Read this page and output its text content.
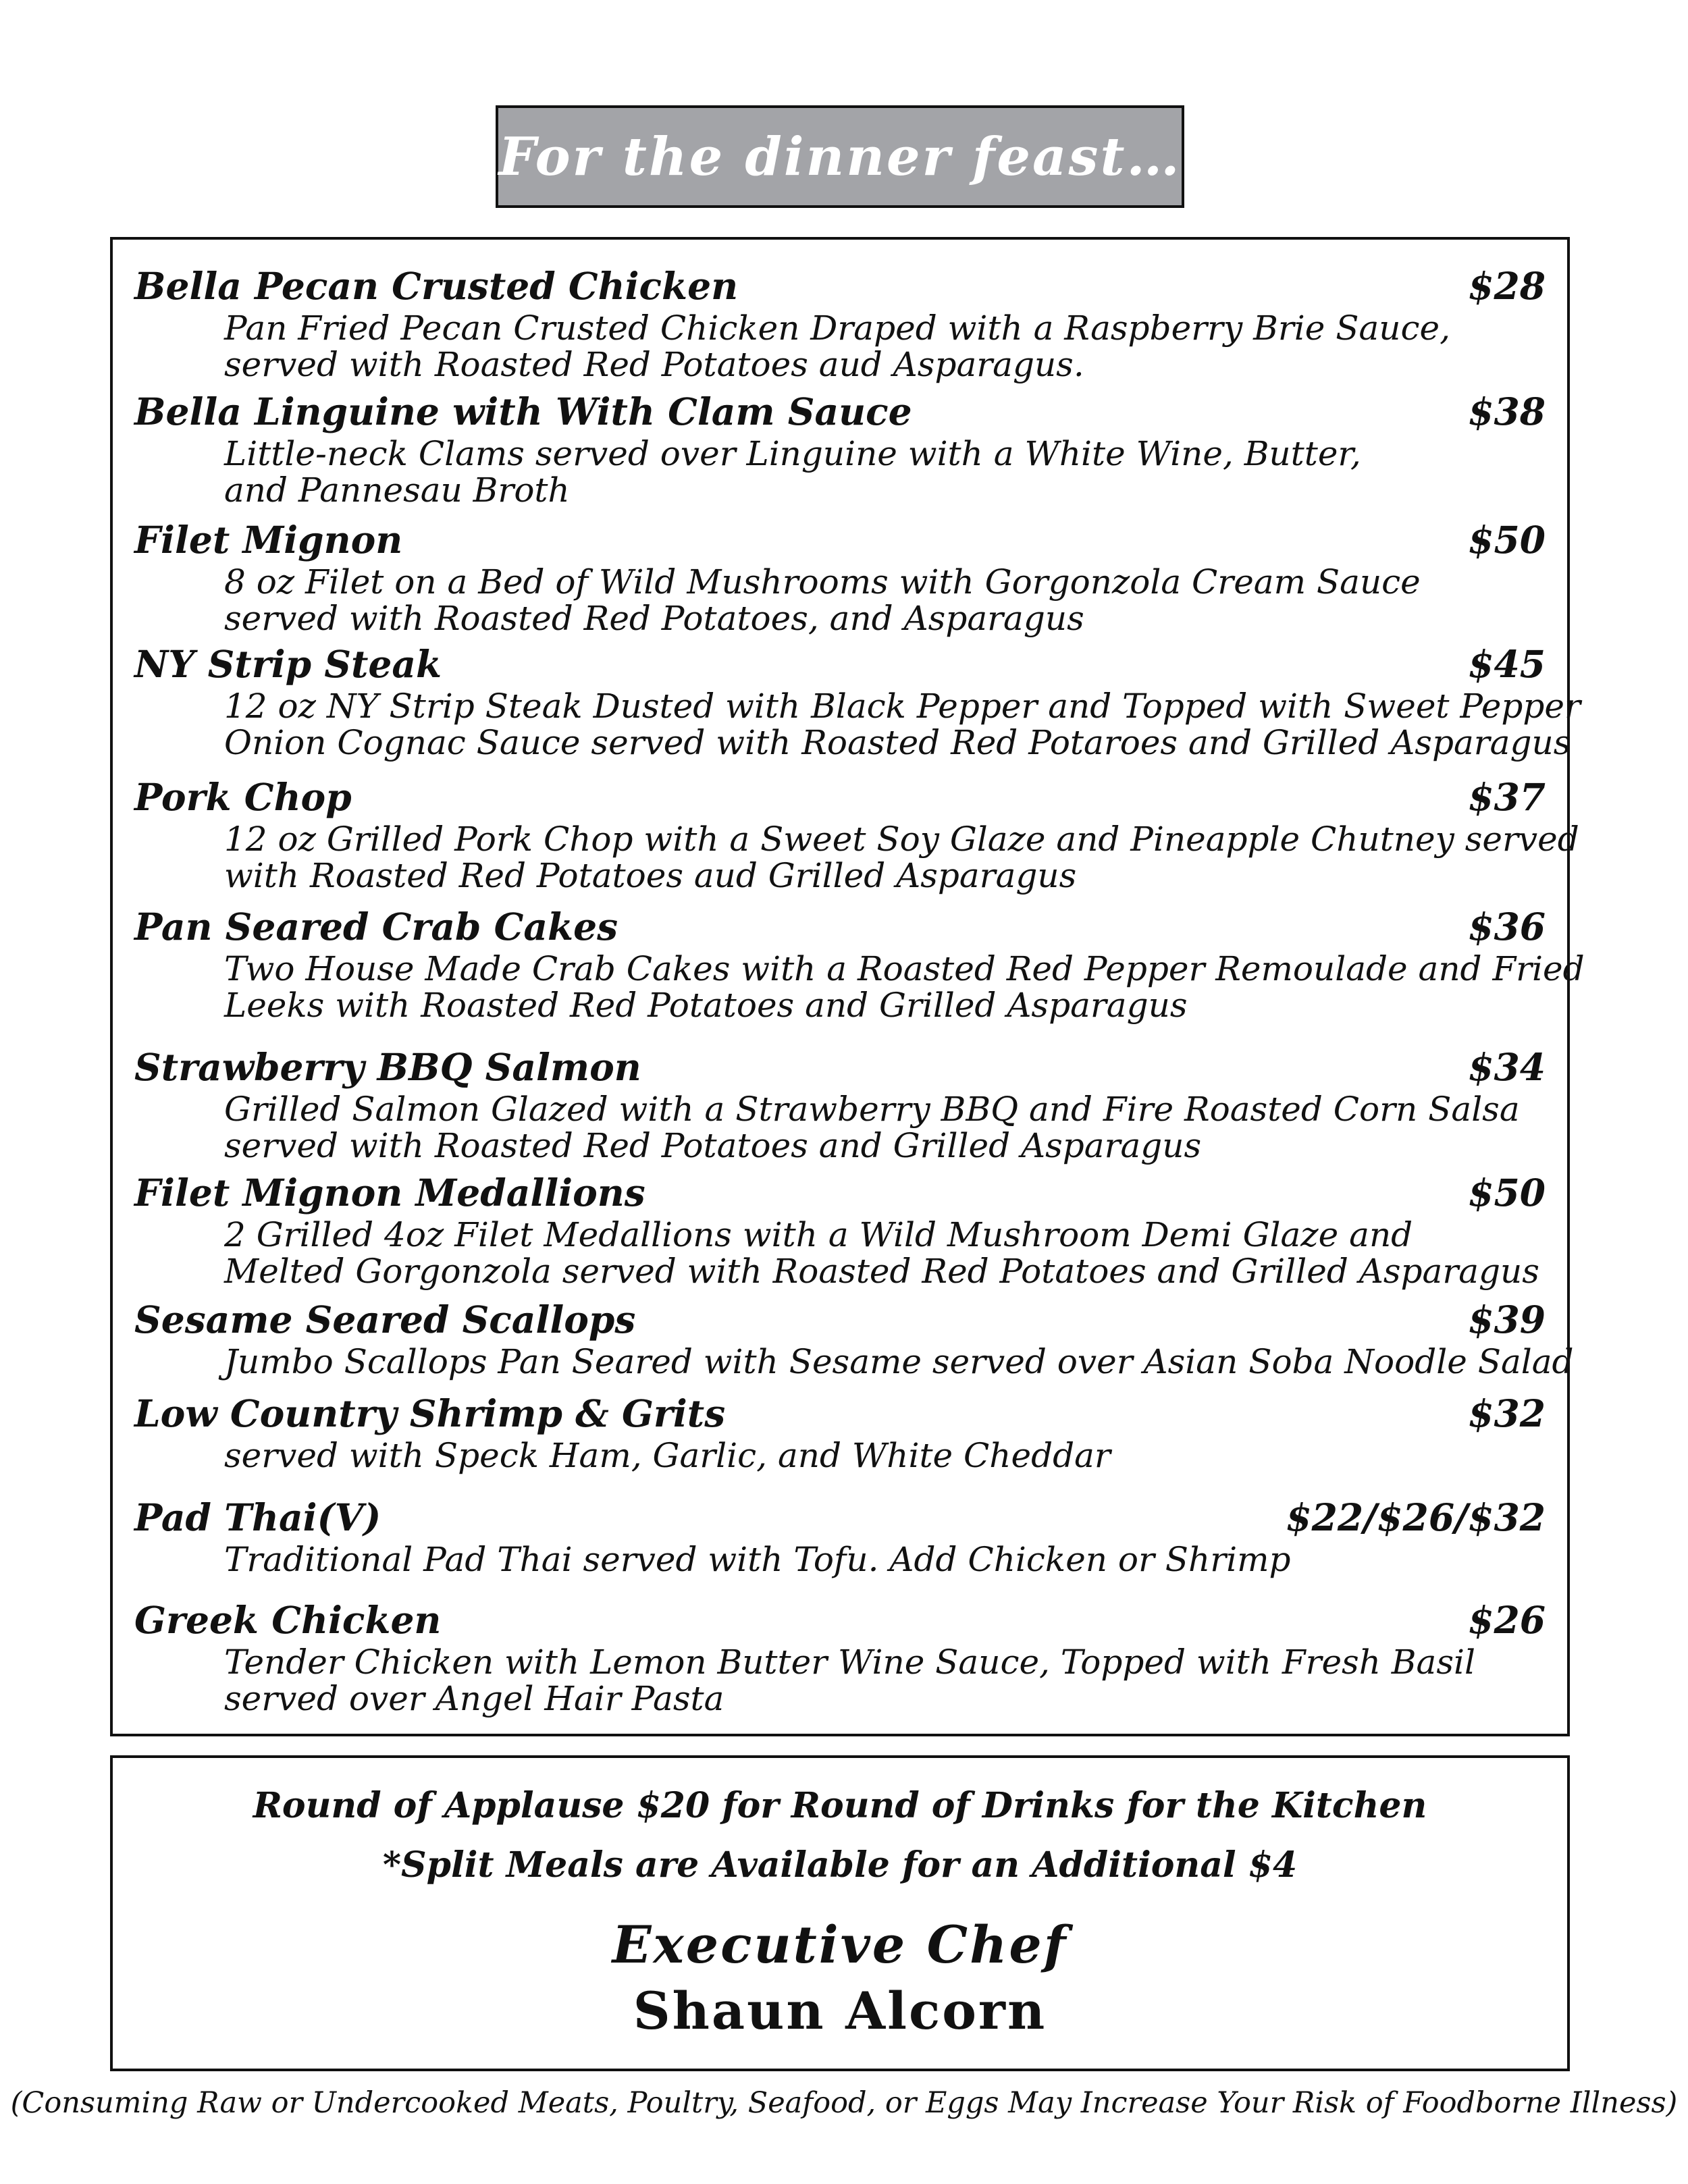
For the dinner feast…
Bella Pecan Crusted Chicken	$28
Pan Fried Pecan Crusted Chicken Draped with a Raspberry Brie Sauce,
served with Roasted Red Potatoes aud Asparagus.
Bella Linguine with With Clam Sauce	$38
Little-neck Clams served over Linguine with a White Wine, Butter,
and Pannesau Broth
Filet Mignon	$50
8 oz Filet on a Bed of Wild Mushrooms with Gorgonzola Cream Sauce
served with Roasted Red Potatoes, and Asparagus
NY Strip Steak	$45
12 oz NY Strip Steak Dusted with Black Pepper and Topped with Sweet Pepper
Onion Cognac Sauce served with Roasted Red Potaroes and Grilled Asparagus
Pork Chop	$37
12 oz Grilled Pork Chop with a Sweet Soy Glaze and Pineapple Chutney served
with Roasted Red Potatoes aud Grilled Asparagus
Pan Seared Crab Cakes	$36
Two House Made Crab Cakes with a Roasted Red Pepper Remoulade and Fried
Leeks with Roasted Red Potatoes and Grilled Asparagus
Strawberry BBQ Salmon	$34
Grilled Salmon Glazed with a Strawberry BBQ and Fire Roasted Corn Salsa
served with Roasted Red Potatoes and Grilled Asparagus
Filet Mignon Medallions	$50
2 Grilled 4oz Filet Medallions with a Wild Mushroom Demi Glaze and
Melted Gorgonzola served with Roasted Red Potatoes and Grilled Asparagus
Sesame Seared Scallops	$39
Jumbo Scallops Pan Seared with Sesame served over Asian Soba Noodle Salad
Low Country Shrimp & Grits	$32
served with Speck Ham, Garlic, and White Cheddar
Pad Thai(V)	$22/$26/$32
Traditional Pad Thai served with Tofu. Add Chicken or Shrimp
Greek Chicken	$26
Tender Chicken with Lemon Butter Wine Sauce, Topped with Fresh Basil
served over Angel Hair Pasta
Round of Applause $20 for Round of Drinks for the Kitchen
*Split Meals are Available for an Additional $4
Executive Chef
Shaun Alcorn
(Consuming Raw or Undercooked Meats, Poultry, Seafood, or Eggs May Increase Your Risk of Foodborne Illness)
